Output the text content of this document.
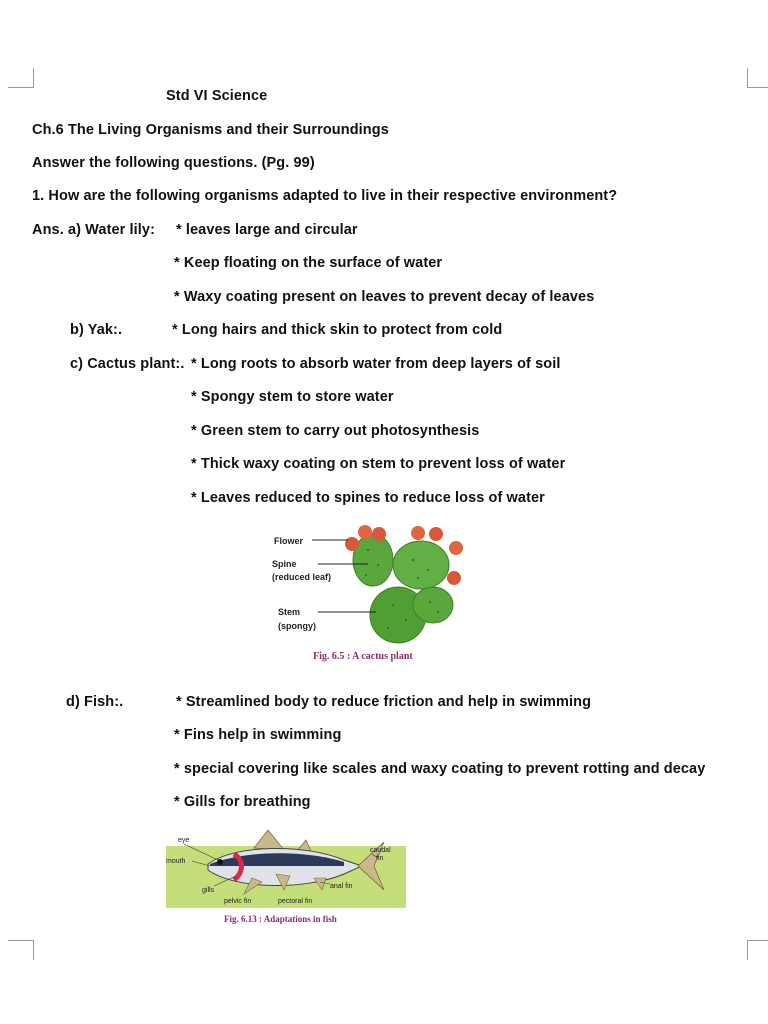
Std VI Science
Ch.6 The Living Organisms and their Surroundings
Answer the following questions. (Pg. 99)
1. How are the following organisms adapted to live in their respective environment?
Ans. a) Water lily: * leaves large and circular
* Keep floating on the surface of water
* Waxy coating present on leaves to prevent decay of leaves
b) Yak:.	* Long hairs and thick skin to protect from cold
c) Cactus plant:. * Long roots to absorb water from deep layers of soil
* Spongy stem to store water
* Green stem to carry out photosynthesis
* Thick waxy coating on stem to prevent loss of water
* Leaves reduced to spines to reduce loss of water
Flower
Spine
(reduced leaf)
Stem
(spongy)
Fig. 6.5 : A cactus plant
d) Fish:.	* Streamlined body to reduce friction and help in swimming
* Fins help in swimming
* special covering like scales and waxy coating to prevent rotting and decay
* Gills for breathing
eye
mouth
gills
pelvic fin	pectoral fin
anal fin
caudal
fin
Fig. 6.13 : Adaptations in fish
